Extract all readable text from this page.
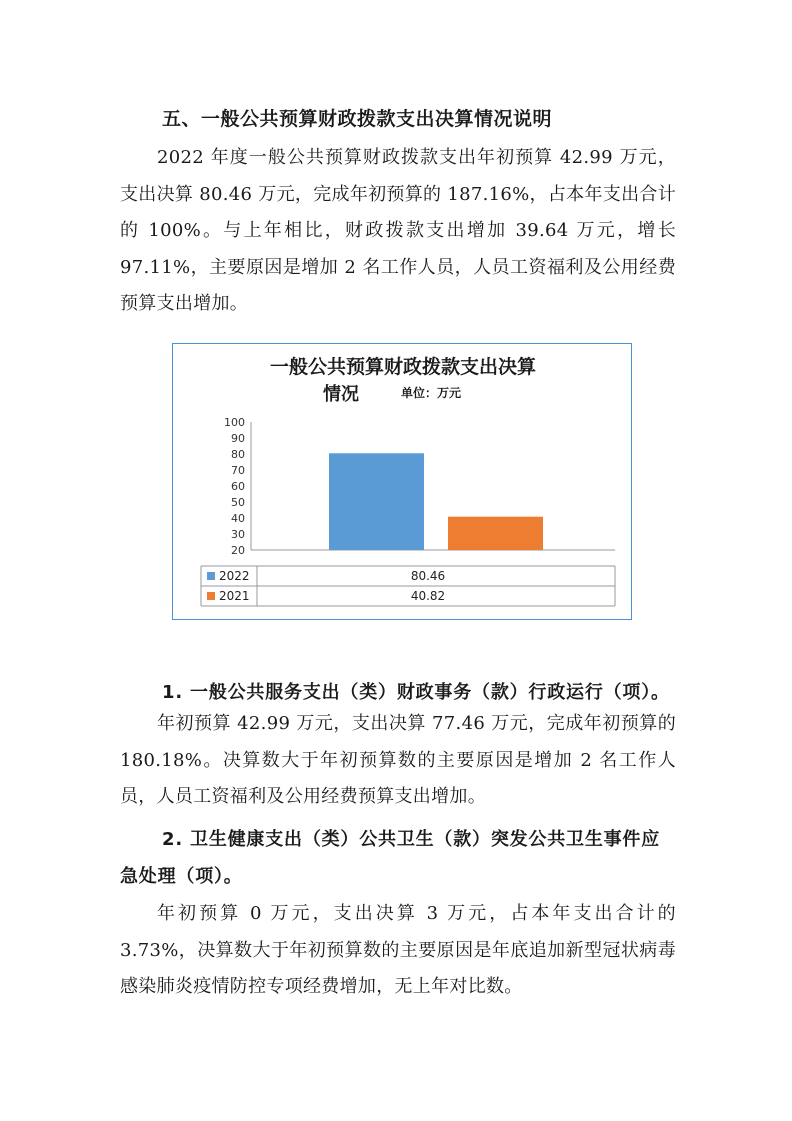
五、一般公共预算财政拨款支出决算情况说明

2022 年度一般公共预算财政拨款支出年初预算 42.99 万元，支出决算 80.46 万元，完成年初预算的 187.16%，占本年支出合计的 100%。与上年相比，财政拨款支出增加 39.64 万元，增长 97.11%，主要原因是增加 2 名工作人员，人员工资福利及公用经费预算支出增加。

一般公共预算财政拨款支出决算
情况	单位：万元
100
90
80
70
60
50
40
30
20
2022	80.46
2021	40.82
1. 一般公共服务支出（类）财政事务（款）行政运行（项）。

年初预算 42.99 万元，支出决算 77.46 万元，完成年初预算的 180.18%。决算数大于年初预算数的主要原因是增加 2 名工作人员，人员工资福利及公用经费预算支出增加。

2. 卫生健康支出（类）公共卫生（款）突发公共卫生事件应急处理（项）。

年初预算 0 万元，支出决算 3 万元，占本年支出合计的 3.73%，决算数大于年初预算数的主要原因是年底追加新型冠状病毒感染肺炎疫情防控专项经费增加，无上年对比数。
